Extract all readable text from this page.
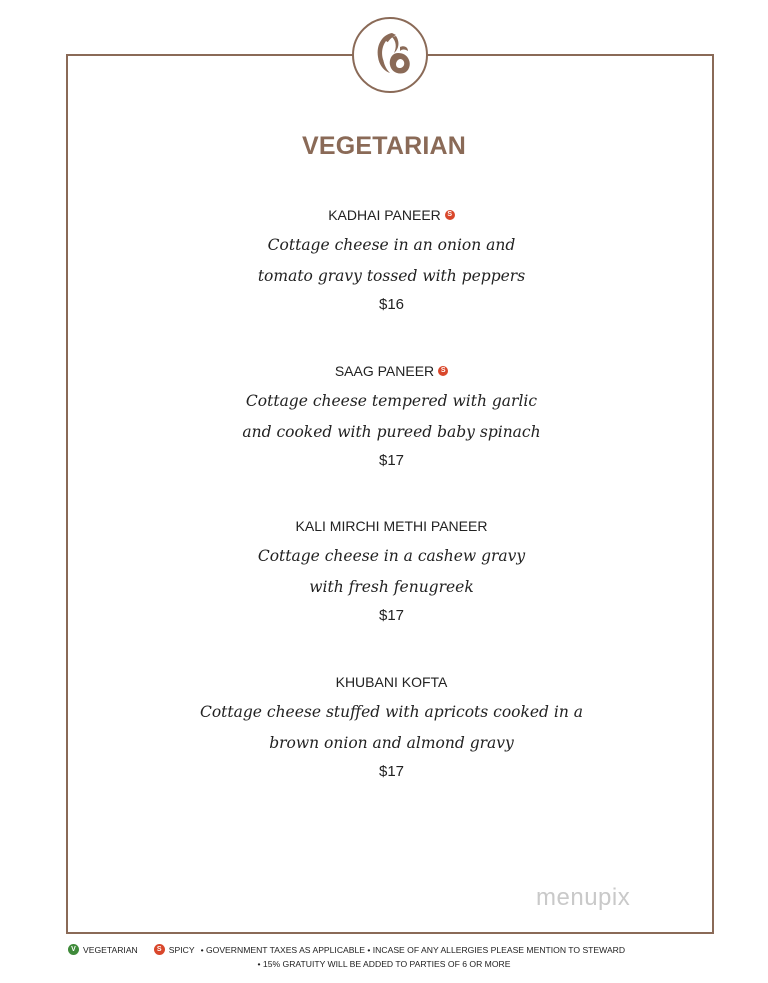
VEGETARIAN
KADHAI PANEER S
Cottage cheese in an onion and
tomato gravy tossed with peppers
$16
SAAG PANEER S
Cottage cheese tempered with garlic
and cooked with pureed baby spinach
$17
KALI MIRCHI METHI PANEER
Cottage cheese in a cashew gravy
with fresh fenugreek
$17
KHUBANI KOFTA
Cottage cheese stuffed with apricots cooked in a
brown onion and almond gravy
$17
menupix
V VEGETARIAN	S SPICY • GOVERNMENT TAXES AS APPLICABLE • INCASE OF ANY ALLERGIES PLEASE MENTION TO STEWARD
• 15% GRATUITY WILL BE ADDED TO PARTIES OF 6 OR MORE
